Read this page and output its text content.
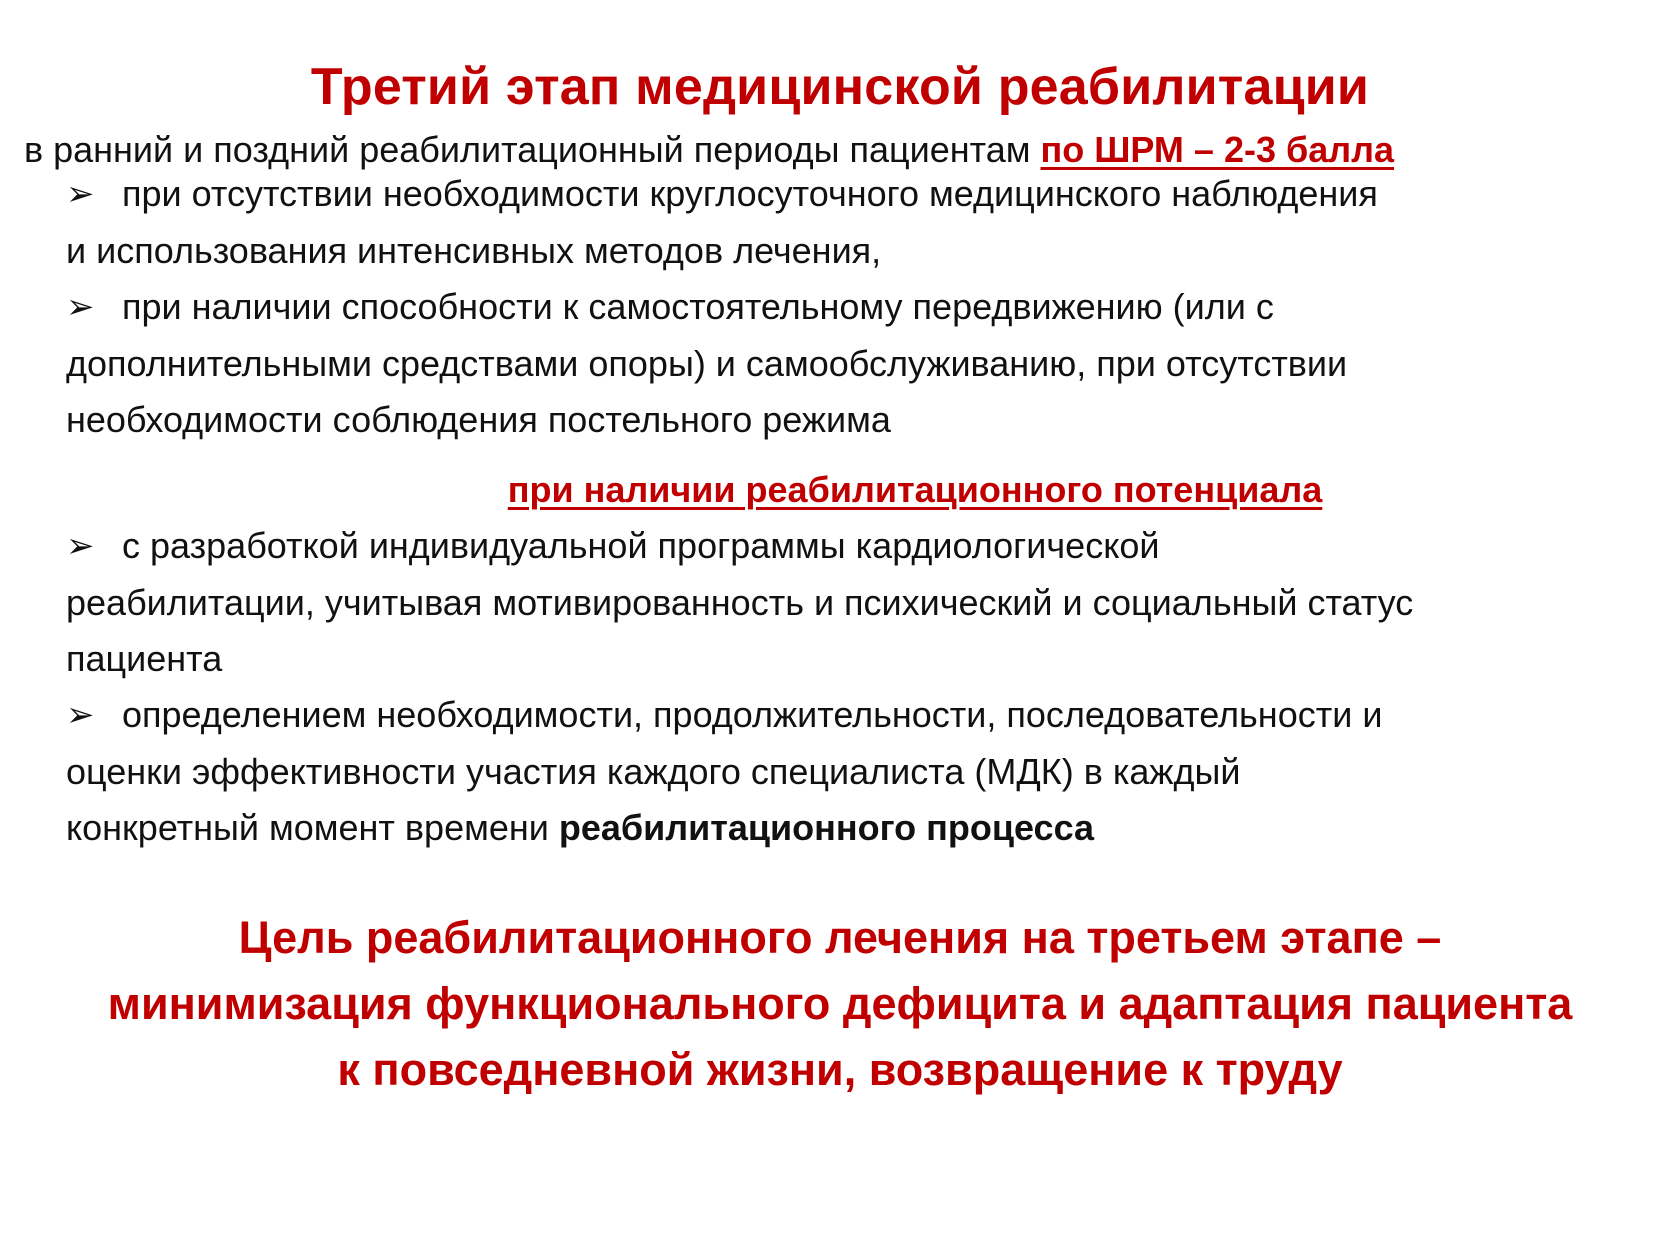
Третий этап медицинской реабилитации
в ранний и поздний реабилитационный периоды пациентам по ШРМ – 2-3 балла
➢ при отсутствии необходимости круглосуточного медицинского наблюдения
и использования интенсивных методов лечения,
➢ при наличии способности к самостоятельному передвижению (или с
дополнительными средствами опоры) и самообслуживанию, при отсутствии
необходимости соблюдения постельного режима
при наличии реабилитационного потенциала
➢ с разработкой индивидуальной программы кардиологической
реабилитации, учитывая мотивированность и психический и социальный статус
пациента
➢ определением необходимости, продолжительности, последовательности и
оценки эффективности участия каждого специалиста (МДК) в каждый
конкретный момент времени реабилитационного процесса
Цель реабилитационного лечения на третьем этапе –
минимизация функционального дефицита и адаптация пациента
к повседневной жизни, возвращение к труду
